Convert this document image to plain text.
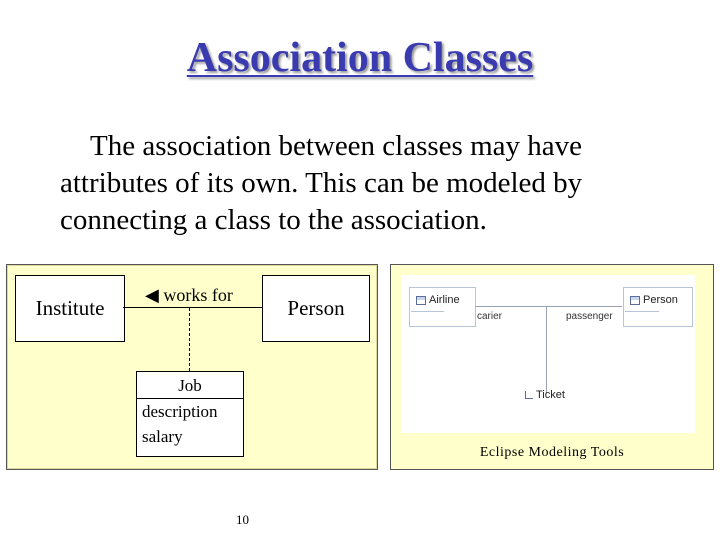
Association Classes
The association between classes may have
attributes of its own. This can be modeled by
connecting a class to the association.
Institute
◀ works for
Person
Job
description
salary
Airline
carier	passenger
Person
Ticket
Eclipse Modeling Tools
10
